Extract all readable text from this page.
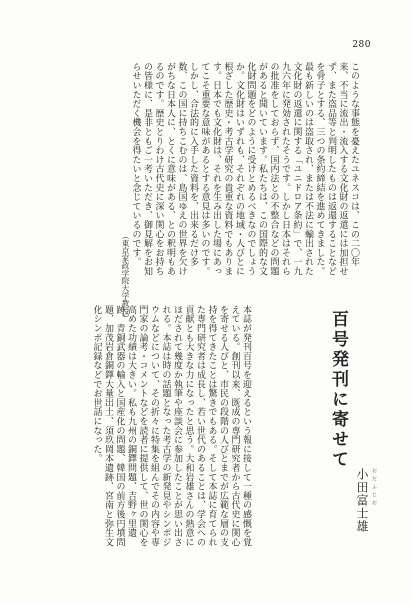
280
このような事態を憂えたユネスコは、この二〇年来、不当に流出・流入する文化財の返還には加担せず、また盗品等と判明したものは返還することなどを骨子とする、三つの条約締結を進めてきました。最も新しいのは盗取され、または不法に輸出された文化財の返還に関する「ユニドロア条約」で、一九九六年に発効されたそうです。しかし日本はそれらの批准をしておらず、国内法との不整合などの問題があると聞いています。私たちは、この国際的な文化財問題をどのように受けとめるべきなのでしょうか。文化財はいずれも、それぞれの地域・人びとに根ざした歴史・考古学研究の貴重な資料でもあります。日本でも文化財は、それを生み出した場にあってこそ重要な意味があるとする意見は多いのです。しかし、合法的に入手した資料を、出来るだけ多数、この国に持ちこむのは、島国ゆえの世界を欠けがちな日本人に、とくに意味がある、との釈明もあるのです。歴史とりわけ古代史に深い関心をお持ちの皆様に、是非ともご一考いただき、御見解をお知らせいただく機会を得たいと念じているのです。
（東京家政学院大学教授）
百号発刊に寄せて
おだふじお
小田富士雄
本誌が発刊百号を迎えるという報に接して一種の感慨を覚えている。創刊以来、既成の専門研究者から古代史に関心を寄せる人びと、市民の段階の人びとまでが広範な層の支持を得てきたことは驚きでもある。そして本誌に育てられた専門研究者は成長し、若い世代のあることは、学会への貢献とも大きな力になったと思う。大和岩雄さんの熱意にほだされて幾度か執筆や座談会に参加したことが思い出される。本誌は時の話題となった考古学の新発見やシンポジウムなどについて、その折々に特集を組んでその内容や専門家の論考・コメントなどを読者に提供して、世の関心を高めた功績は大きい。私も九州の銅鐸問題、吉野ヶ里遺跡、青銅武器の輸入と国産化の問題、韓国の前方後円墳問題、加茂岩倉銅鐸大量出土、須玖岡本遺跡、宮南と弥生文化シンポ記録などでお世話になった。
